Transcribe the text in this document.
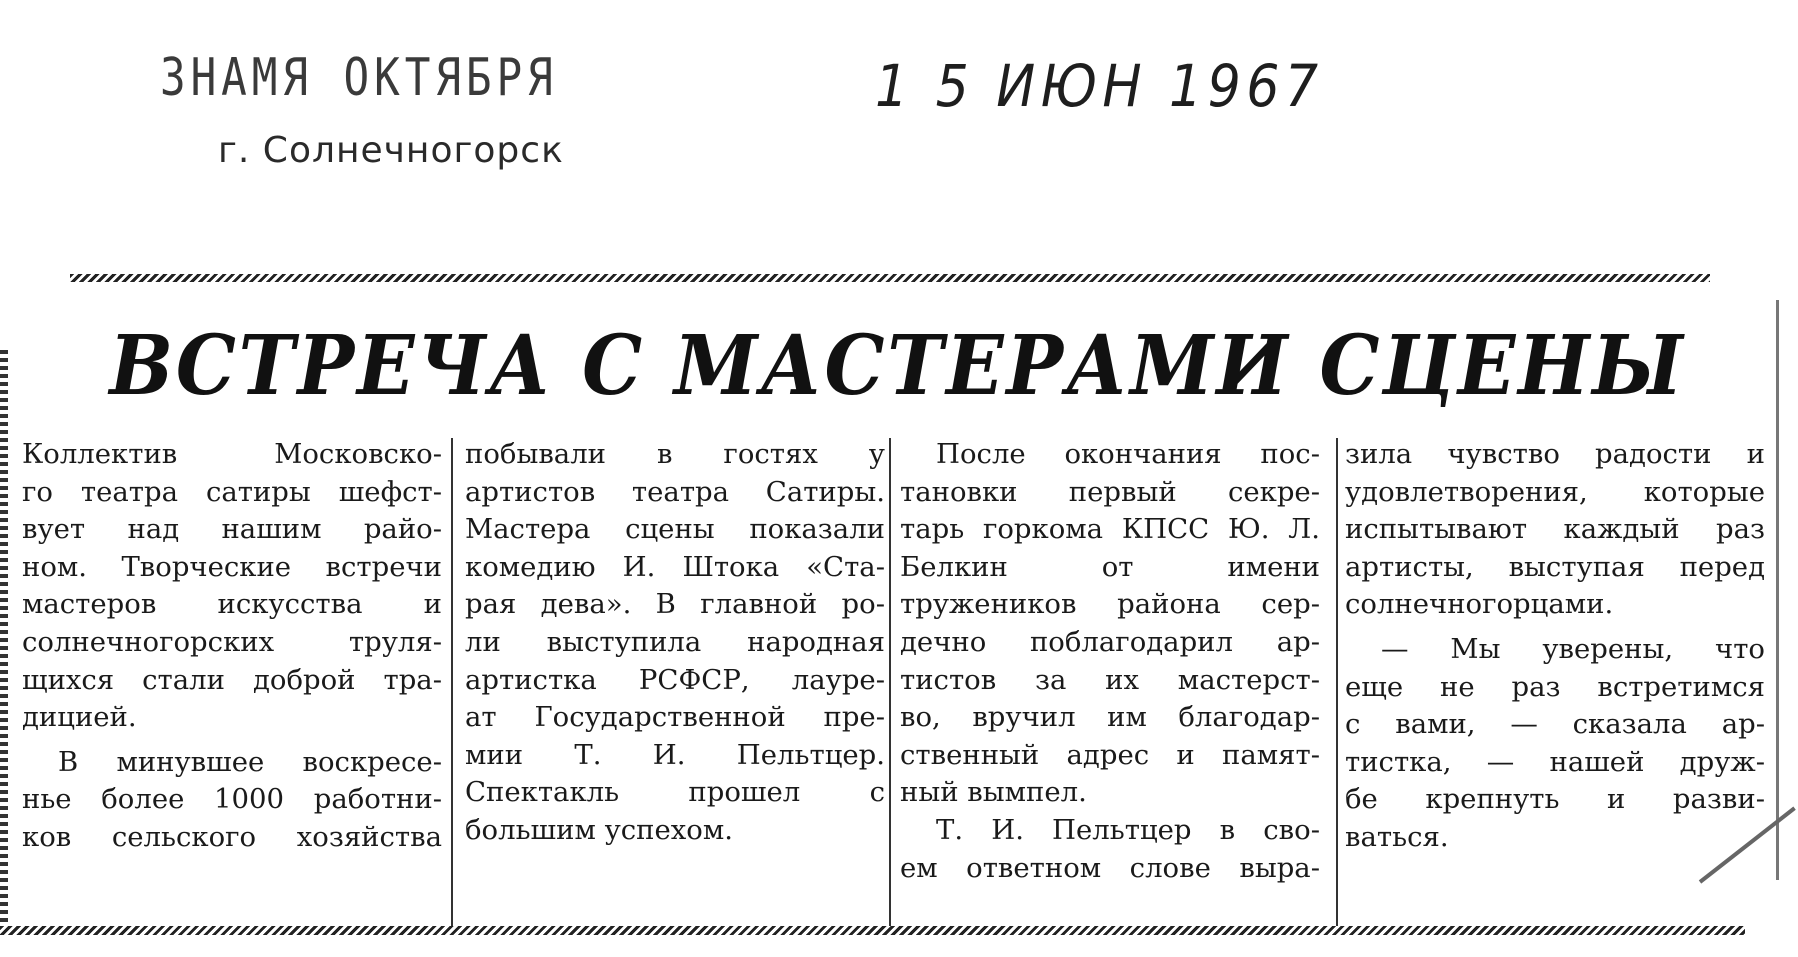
ЗНАМЯ ОКТЯБРЯ
г. Солнечногорск
1 5 ИЮН 1967
ВСТРЕЧА С МАСТЕРАМИ СЦЕНЫ
Коллектив Московско-
го театра сатиры шефст-
вует над нашим райо-
ном. Творческие встречи
мастеров искусства и
солнечногорских труля-
щихся стали доброй тра-
дицией.
В минувшее воскресе-
нье более 1000 работни-
ков сельского хозяйства
побывали в гостях у
артистов театра Сатиры.
Мастера сцены показали
комедию И. Штока «Ста-
рая дева». В главной ро-
ли выступила народная
артистка РСФСР, лауре-
ат Государственной пре-
мии Т. И. Пельтцер.
Спектакль прошел с
большим успехом.
После окончания пос-
тановки первый секре-
тарь горкома КПСС Ю. Л.
Белкин от имени
тружеников района сер-
дечно поблагодарил ар-
тистов за их мастерст-
во, вручил им благодар-
ственный адрес и памят-
ный вымпел.
Т. И. Пельтцер в сво-
ем ответном слове выра-
зила чувство радости и
удовлетворения, которые
испытывают каждый раз
артисты, выступая перед
солнечногорцами.
— Мы уверены, что
еще не раз встретимся
с вами, — сказала ар-
тистка, — нашей друж-
бе крепнуть и разви-
ваться.
